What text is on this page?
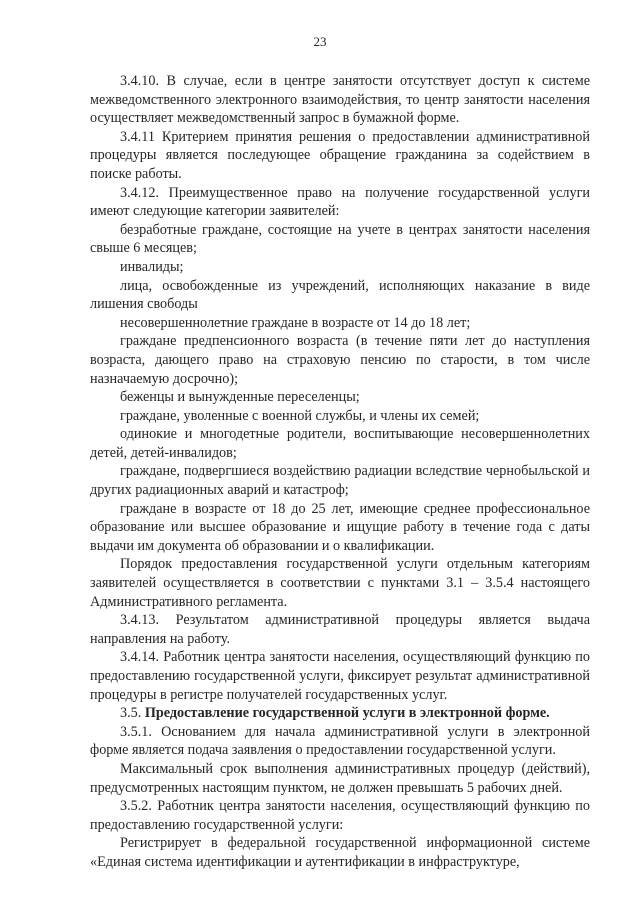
23

3.4.10. В случае, если в центре занятости отсутствует доступ к системе межведомственного электронного взаимодействия, то центр занятости населения осуществляет межведомственный запрос в бумажной форме.

3.4.11 Критерием принятия решения о предоставлении административной процедуры является последующее обращение гражданина за содействием в поиске работы.

3.4.12. Преимущественное право на получение государственной услуги имеют следующие категории заявителей:

безработные граждане, состоящие на учете в центрах занятости населения свыше 6 месяцев;

инвалиды;

лица, освобожденные из учреждений, исполняющих наказание в виде лишения свободы

несовершеннолетние граждане в возрасте от 14 до 18 лет;

граждане предпенсионного возраста (в течение пяти лет до наступления возраста, дающего право на страховую пенсию по старости, в том числе назначаемую досрочно);

беженцы и вынужденные переселенцы;

граждане, уволенные с военной службы, и члены их семей;

одинокие и многодетные родители, воспитывающие несовершеннолетних детей, детей-инвалидов;

граждане, подвергшиеся воздействию радиации вследствие чернобыльской и других радиационных аварий и катастроф;

граждане в возрасте от 18 до 25 лет, имеющие среднее профессиональное образование или высшее образование и ищущие работу в течение года с даты выдачи им документа об образовании и о квалификации.

Порядок предоставления государственной услуги отдельным категориям заявителей осуществляется в соответствии с пунктами 3.1 – 3.5.4 настоящего Административного регламента.

3.4.13. Результатом административной процедуры является выдача направления на работу.

3.4.14. Работник центра занятости населения, осуществляющий функцию по предоставлению государственной услуги, фиксирует результат административной процедуры в регистре получателей государственных услуг.

3.5. Предоставление государственной услуги в электронной форме.

3.5.1. Основанием для начала административной услуги в электронной форме является подача заявления о предоставлении государственной услуги.

Максимальный срок выполнения административных процедур (действий), предусмотренных настоящим пунктом, не должен превышать 5 рабочих дней.

3.5.2. Работник центра занятости населения, осуществляющий функцию по предоставлению государственной услуги:

Регистрирует в федеральной государственной информационной системе «Единая система идентификации и аутентификации в инфраструктуре,
